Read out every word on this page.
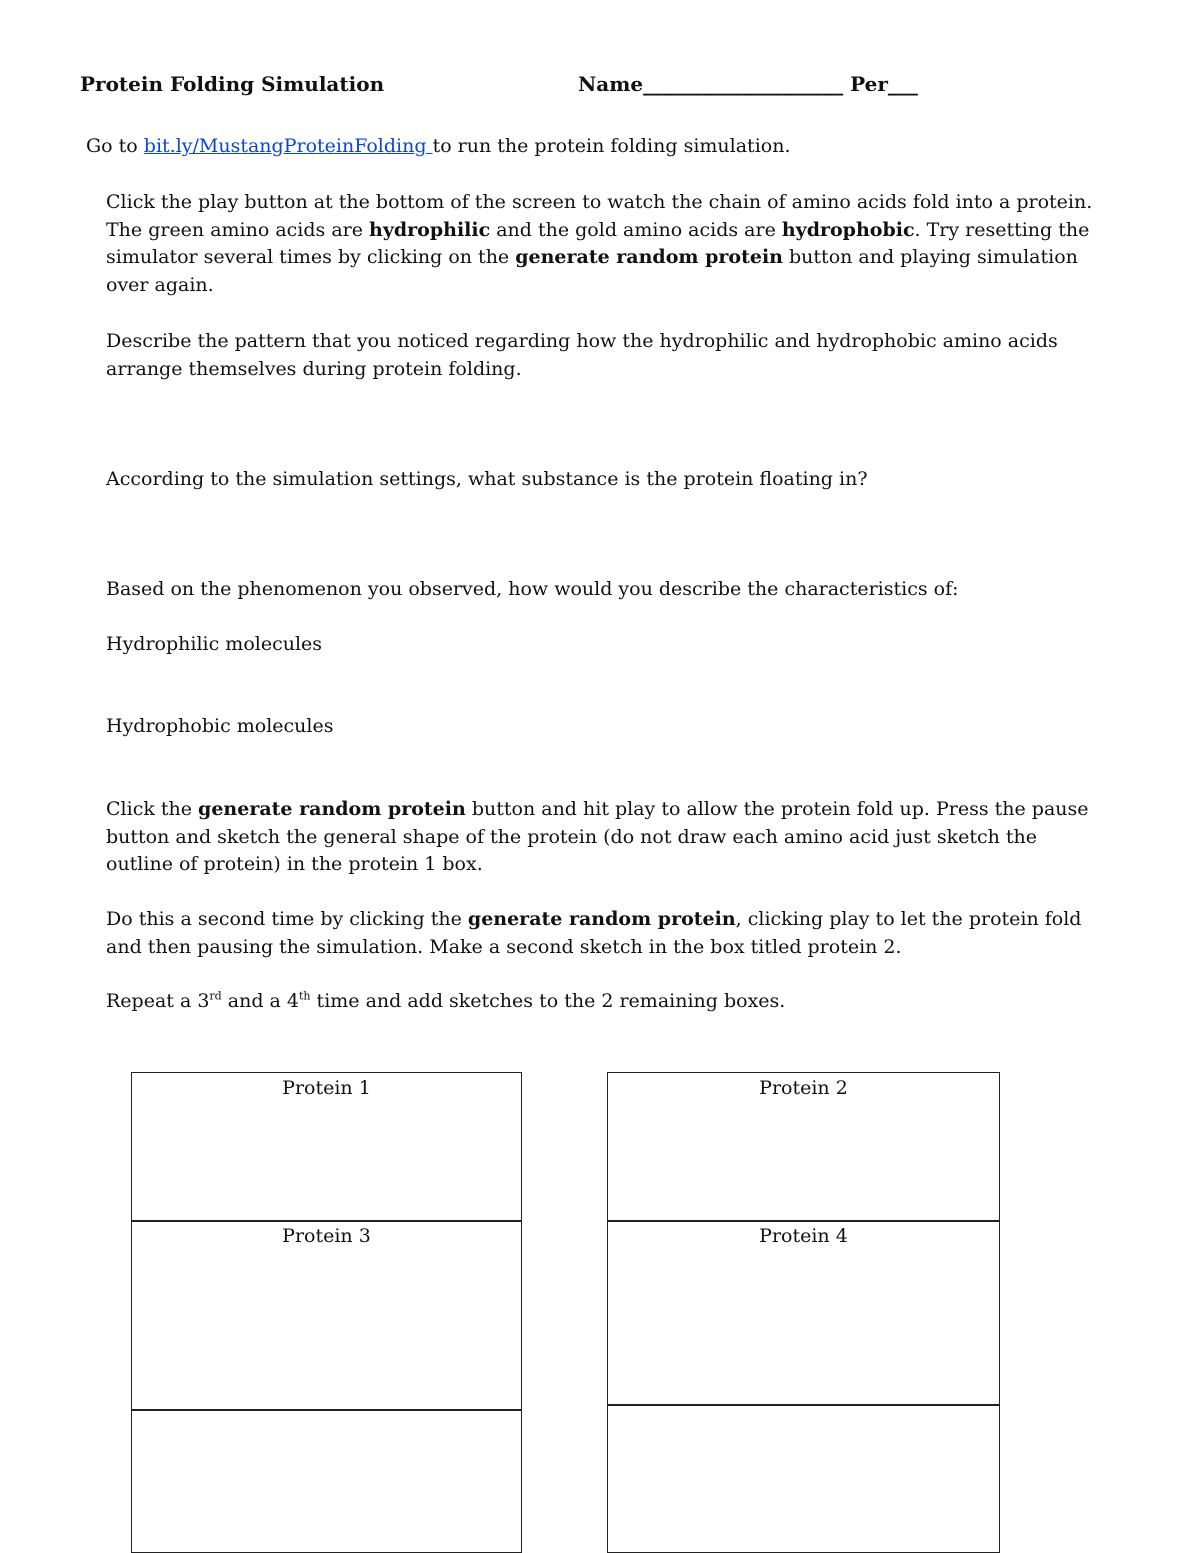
Protein Folding Simulation	Name____________________ Per___
Go to bit.ly/MustangProteinFolding to run the protein folding simulation.
Click the play button at the bottom of the screen to watch the chain of amino acids fold into a protein. The green amino acids are hydrophilic and the gold amino acids are hydrophobic. Try resetting the simulator several times by clicking on the generate random protein button and playing simulation over again.
Describe the pattern that you noticed regarding how the hydrophilic and hydrophobic amino acids arrange themselves during protein folding.
According to the simulation settings, what substance is the protein floating in?
Based on the phenomenon you observed, how would you describe the characteristics of:
Hydrophilic molecules
Hydrophobic molecules
Click the generate random protein button and hit play to allow the protein fold up. Press the pause button and sketch the general shape of the protein (do not draw each amino acid just sketch the outline of protein) in the protein 1 box.
Do this a second time by clicking the generate random protein, clicking play to let the protein fold and then pausing the simulation. Make a second sketch in the box titled protein 2.
Repeat a 3rd and a 4th time and add sketches to the 2 remaining boxes.
Protein 1	Protein 2
Protein 3	Protein 4
